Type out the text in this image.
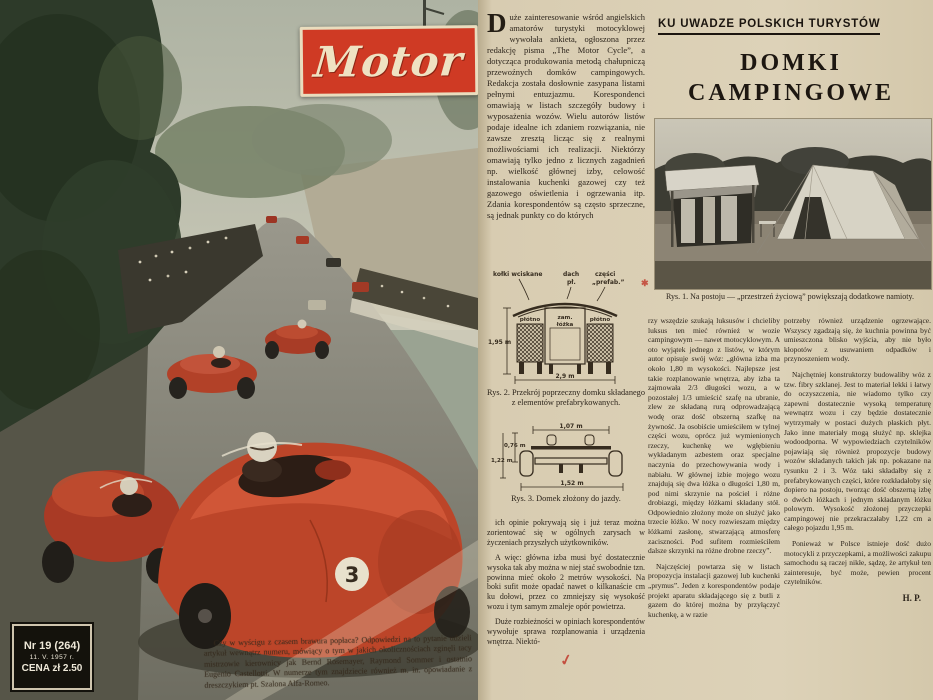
3
Motor
Nr 19 (264)
11. V. 1957 r.
CENA zł 2.50
Czy w wyścigu z czasem brawura popłaca? Odpowiedzi na to pytanie udzieli artykuł wewnątrz numeru, mówiący o tym w jakich okolicznościach zginęli tacy mistrzowie kierownicy jak Bernd Rosemayer, Raymond Sommer i ostatnio Eugenio Castellotti. W numerze tym znajdziecie również m. in. opowiadanie z dreszczykiem pt. Szalona Alfa-Romeo.
Duże zainteresowanie wśród angielskich amatorów turystyki motocyklowej wywołała ankieta, ogłoszona przez redakcję pisma „The Motor Cycle”, a dotycząca produkowania metodą chałupniczą przewoźnych domków campingowych. Redakcja została dosłownie zasypana listami pełnymi entuzjazmu. Korespondenci omawiają w listach szczegóły budowy i wyposażenia wozów. Wielu autorów listów podaje idealne ich zdaniem rozwiązania, nie zawsze zresztą licząc się z realnymi możliwościami ich realizacji. Niektórzy omawiają tylko jedno z licznych zagadnień np. wielkość głównej izby, celowość instalowania kuchenki gazowej czy też gazowego oświetlenia i ogrzewania itp. Zdania korespondentów są często sprzeczne, są jednak punkty co do których
kołki wciskane	dach
pł.
części
„prefab.”
zam.
łóżka
płótno	płótno
1,95 m
2,9 m
Rys. 2. Przekrój poprzeczny domku składanego z elementów prefabrykowanych.
1,07 m
0,76 m
1,22 m
1,52 m
Rys. 3. Domek złożony do jazdy.

ich opinie pokrywają się i już teraz można zorientować się w ogólnych zarysach w życzeniach przyszłych użytkowników.

A więc: główna izba musi być dostatecznie wysoka tak aby można w niej stać swobodnie tzn. powinna mieć około 2 metrów wysokości. Na boki sufit może opadać nawet o kilkanaście cm ku dołowi, przez co zmniejszy się wysokość wozu i tym samym zmaleje opór powietrza.

Duże rozbieżności w opiniach korespondentów wywołuje sprawa rozplanowania i urządzenia wnętrza. Niektó-

KU UWADZE POLSKICH TURYSTÓW
DOMKI
CAMPINGOWE
Rys. 1. Na postoju — „przestrzeń życiową” powiększają dodatkowe namioty.

rzy wszędzie szukają luksusów i chcieliby luksus ten mieć również w wozie campingowym — nawet motocyklowym. A oto wyjątek jednego z listów, w którym autor opisuje swój wóz: „główna izba ma około 1,80 m wysokości. Najlepsze jest takie rozplanowanie wnętrza, aby izba ta zajmowała 2/3 długości wozu, a w pozostałej 1/3 umieścić szafę na ubranie, zlew ze składaną rurą odprowadzającą wodę oraz dość obszerną szafkę na żywność. Ja osobiście umieściłem w tylnej części wozu, oprócz już wymienionych rzeczy, kuchenkę we wgłębieniu wykładanym azbestem oraz specjalne naczynia do przechowywania wody i nabiału. W głównej izbie mojego wozu znajdują się dwa łóżka o długości 1,80 m, pod nimi skrzynie na pościel i różne drobiazgi, między łóżkami składany stół. Odpowiednio złożony może on służyć jako trzecie łóżko. W nocy rozwieszam między łóżkami zasłonę, stwarzającą atmosferę zaciszności. Pod sufitem rozmieściłem dalsze skrzynki na różne drobne rzeczy”.

Najczęściej powtarza się w listach propozycja instalacji gazowej lub kuchenki „prymus”. Jeden z korespondentów podaje projekt aparatu składającego się z butli z gazem do której można by przyłączyć kuchenkę, a w razie

potrzeby również urządzenie ogrzewające. Wszyscy zgadzają się, że kuchnia powinna być umieszczona blisko wyjścia, aby nie było kłopotów z usuwaniem odpadków i przynoszeniem wody.

Najchętniej konstruktorzy budowaliby wóz z tzw. fibry szklanej. Jest to materiał lekki i łatwy do oczyszczenia, nie wiadomo tylko czy zapewni dostatecznie wysoką temperaturę wewnątrz wozu i czy będzie dostatecznie wytrzymały w postaci dużych płaskich płyt. Jako inne materiały mogą służyć np. sklejka wodoodporna. W wypowiedziach czytelników pojawiają się również propozycje budowy wozów składanych takich jak np. pokazane na rysunku 2 i 3. Wóz taki składałby się z prefabrykowanych części, które rozkładałoby się dopiero na postoju, tworząc dość obszerną izbę o dwóch łóżkach i jednym składanym łóżku polowym. Wysokość złożonej przyczepki campingowej nie przekraczałaby 1,22 cm a całego pojazdu 1,95 m.

Ponieważ w Polsce istnieje dość dużo motocykli z przyczepkami, a możliwości zakupu samochodu są raczej nikłe, sądzę, że artykuł ten zainteresuje, być może, pewien procent czytelników.

H. P.
✓
✱
